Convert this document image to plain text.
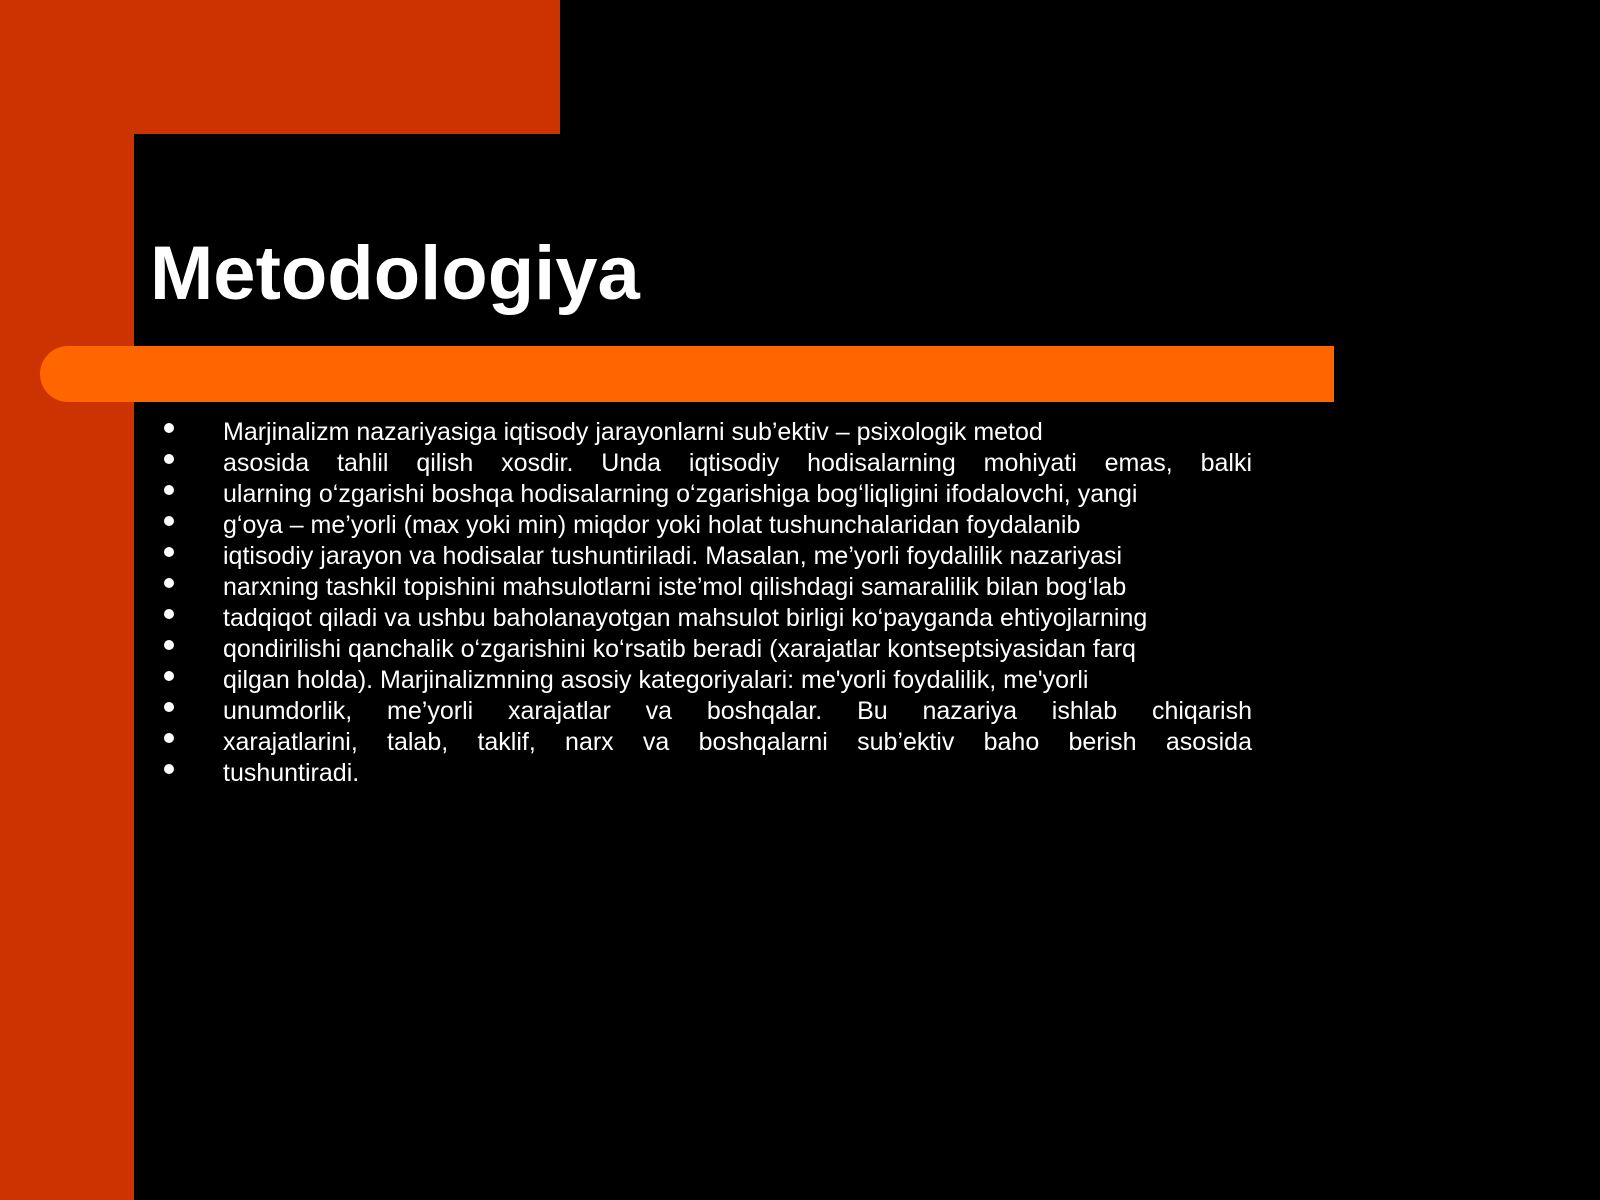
Metodologiya
Marjinalizm nazariyasiga iqtisody jarayonlarni sub’ektiv – psixologik metod
asosida tahlil qilish xosdir. Unda iqtisodiy hodisalarning mohiyati emas, balki
ularning o‘zgarishi boshqa hodisalarning o‘zgarishiga bog‘liqligini ifodalovchi, yangi
g‘oya – me’yorli (max yoki min) miqdor yoki holat tushunchalaridan foydalanib
iqtisodiy jarayon va hodisalar tushuntiriladi. Masalan, me’yorli foydalilik nazariyasi
narxning tashkil topishini mahsulotlarni iste’mol qilishdagi samaralilik bilan bog‘lab
tadqiqot qiladi va ushbu baholanayotgan mahsulot birligi ko‘payganda ehtiyojlarning
qondirilishi qanchalik o‘zgarishini ko‘rsatib beradi (xarajatlar kontseptsiyasidan farq
qilgan holda). Marjinalizmning asosiy kategoriyalari: me'yorli foydalilik, me'yorli
unumdorlik, me’yorli xarajatlar va boshqalar. Bu nazariya ishlab chiqarish
xarajatlarini, talab, taklif, narx va boshqalarni sub’ektiv baho berish asosida
tushuntiradi.
